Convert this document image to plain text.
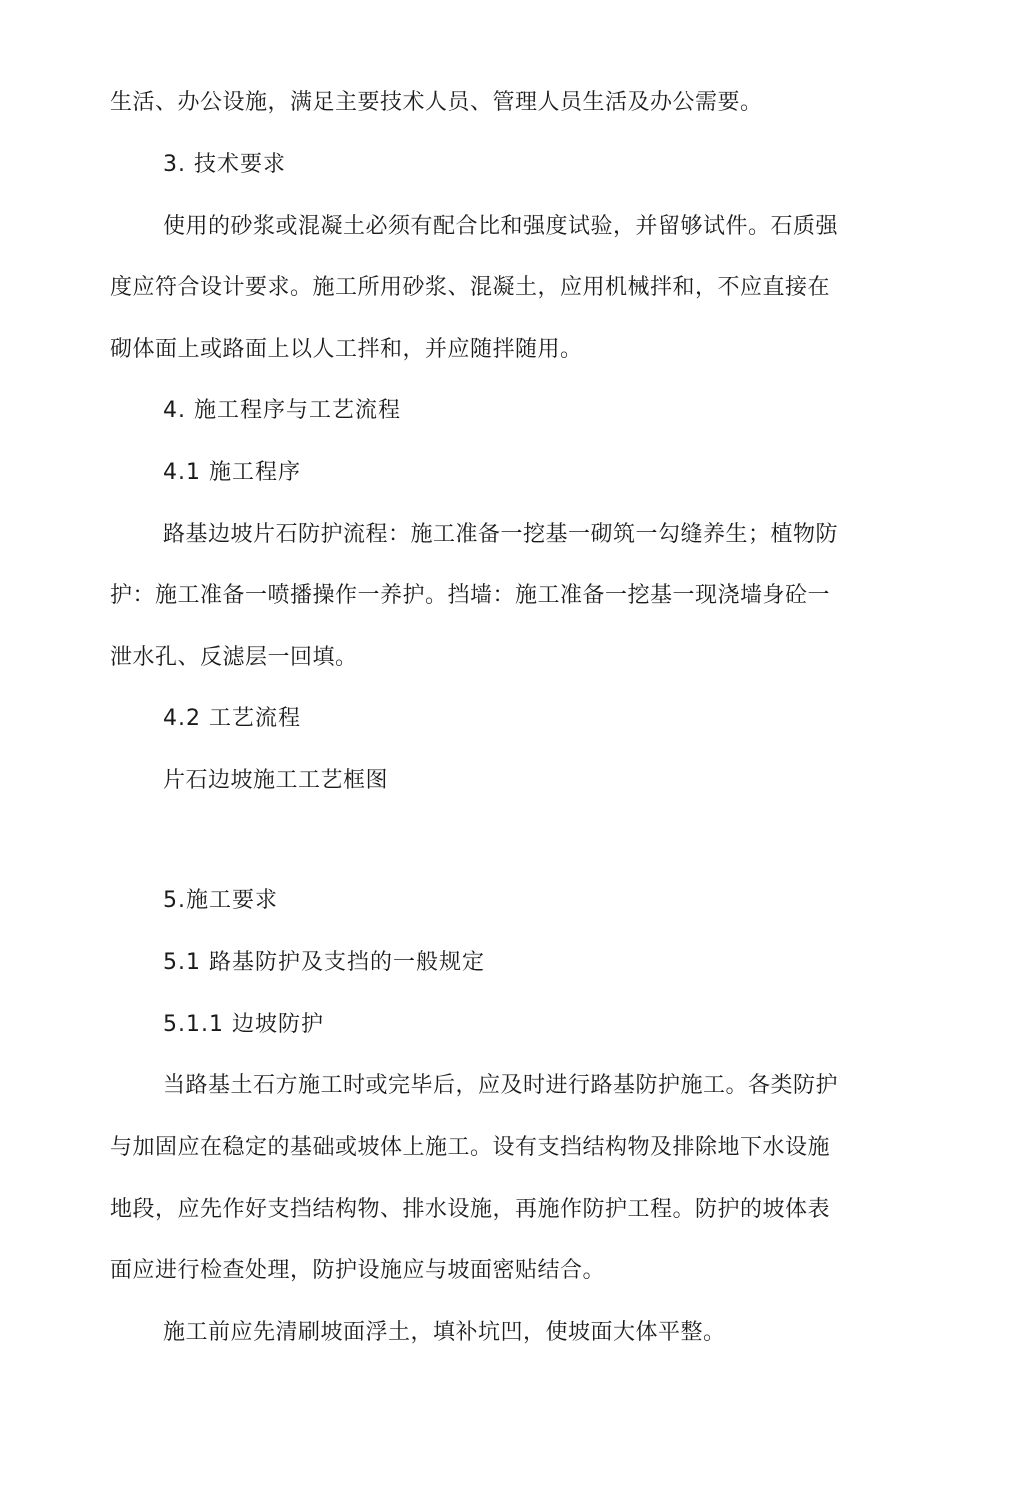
生活、办公设施，满足主要技术人员、管理人员生活及办公需要。
3. 技术要求
使用的砂浆或混凝土必须有配合比和强度试验，并留够试件。石质强
度应符合设计要求。施工所用砂浆、混凝土，应用机械拌和，不应直接在
砌体面上或路面上以人工拌和，并应随拌随用。
4. 施工程序与工艺流程
4.1 施工程序
路基边坡片石防护流程：施工准备一挖基一砌筑一勾缝养生；植物防
护：施工准备一喷播操作一养护。挡墙：施工准备一挖基一现浇墙身砼一
泄水孔、反滤层一回填。
4.2 工艺流程
片石边坡施工工艺框图
5.施工要求
5.1 路基防护及支挡的一般规定
5.1.1 边坡防护
当路基土石方施工时或完毕后，应及时进行路基防护施工。各类防护
与加固应在稳定的基础或坡体上施工。设有支挡结构物及排除地下水设施
地段，应先作好支挡结构物、排水设施，再施作防护工程。防护的坡体表
面应进行检查处理，防护设施应与坡面密贴结合。
施工前应先清刷坡面浮土，填补坑凹，使坡面大体平整。
